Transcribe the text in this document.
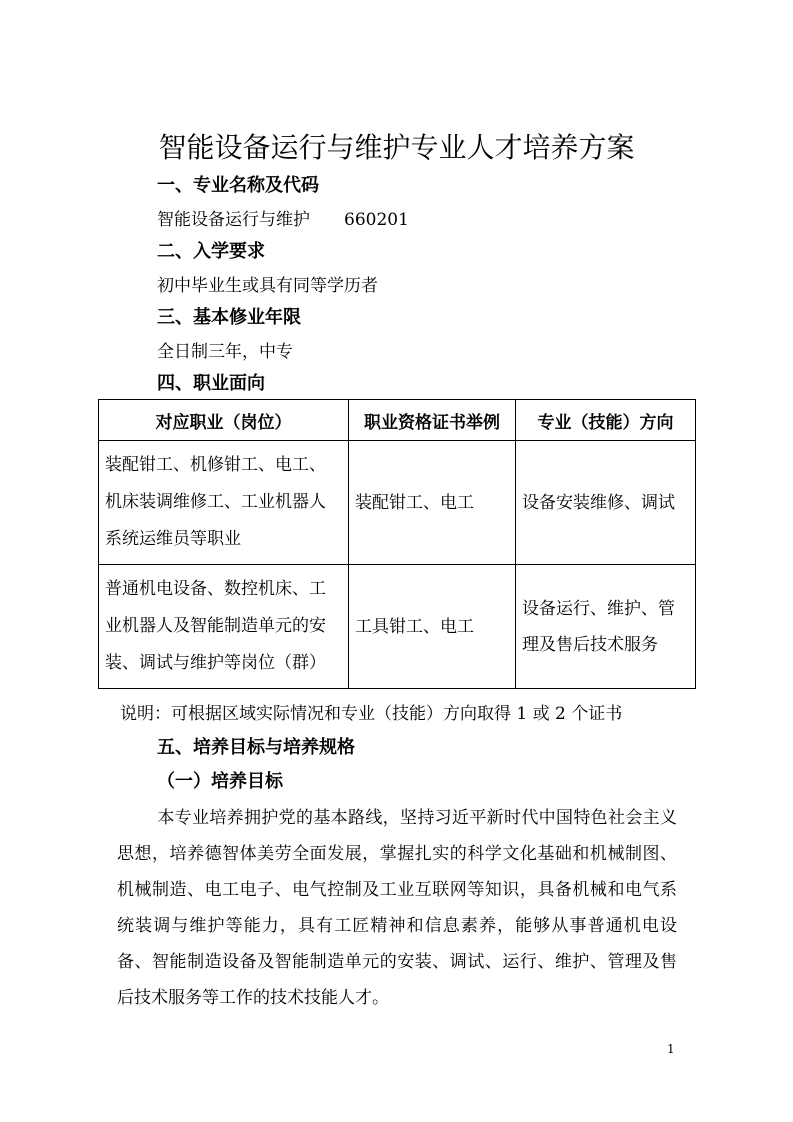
智能设备运行与维护专业人才培养方案
一、专业名称及代码
智能设备运行与维护 660201
二、入学要求
初中毕业生或具有同等学历者
三、基本修业年限
全日制三年，中专
四、职业面向
对应职业（岗位）	职业资格证书举例	专业（技能）方向
装配钳工、机修钳工、电工、机床装调维修工、工业机器人系统运维员等职业	装配钳工、电工	设备安装维修、调试
普通机电设备、数控机床、工业机器人及智能制造单元的安装、调试与维护等岗位（群）	工具钳工、电工	设备运行、维护、管理及售后技术服务
说明：可根据区域实际情况和专业（技能）方向取得 1 或 2 个证书
五、培养目标与培养规格
（一）培养目标
本专业培养拥护党的基本路线，坚持习近平新时代中国特色社会主义思想，培养德智体美劳全面发展，掌握扎实的科学文化基础和机械制图、机械制造、电工电子、电气控制及工业互联网等知识，具备机械和电气系统装调与维护等能力，具有工匠精神和信息素养，能够从事普通机电设备、智能制造设备及智能制造单元的安装、调试、运行、维护、管理及售后技术服务等工作的技术技能人才。
1
